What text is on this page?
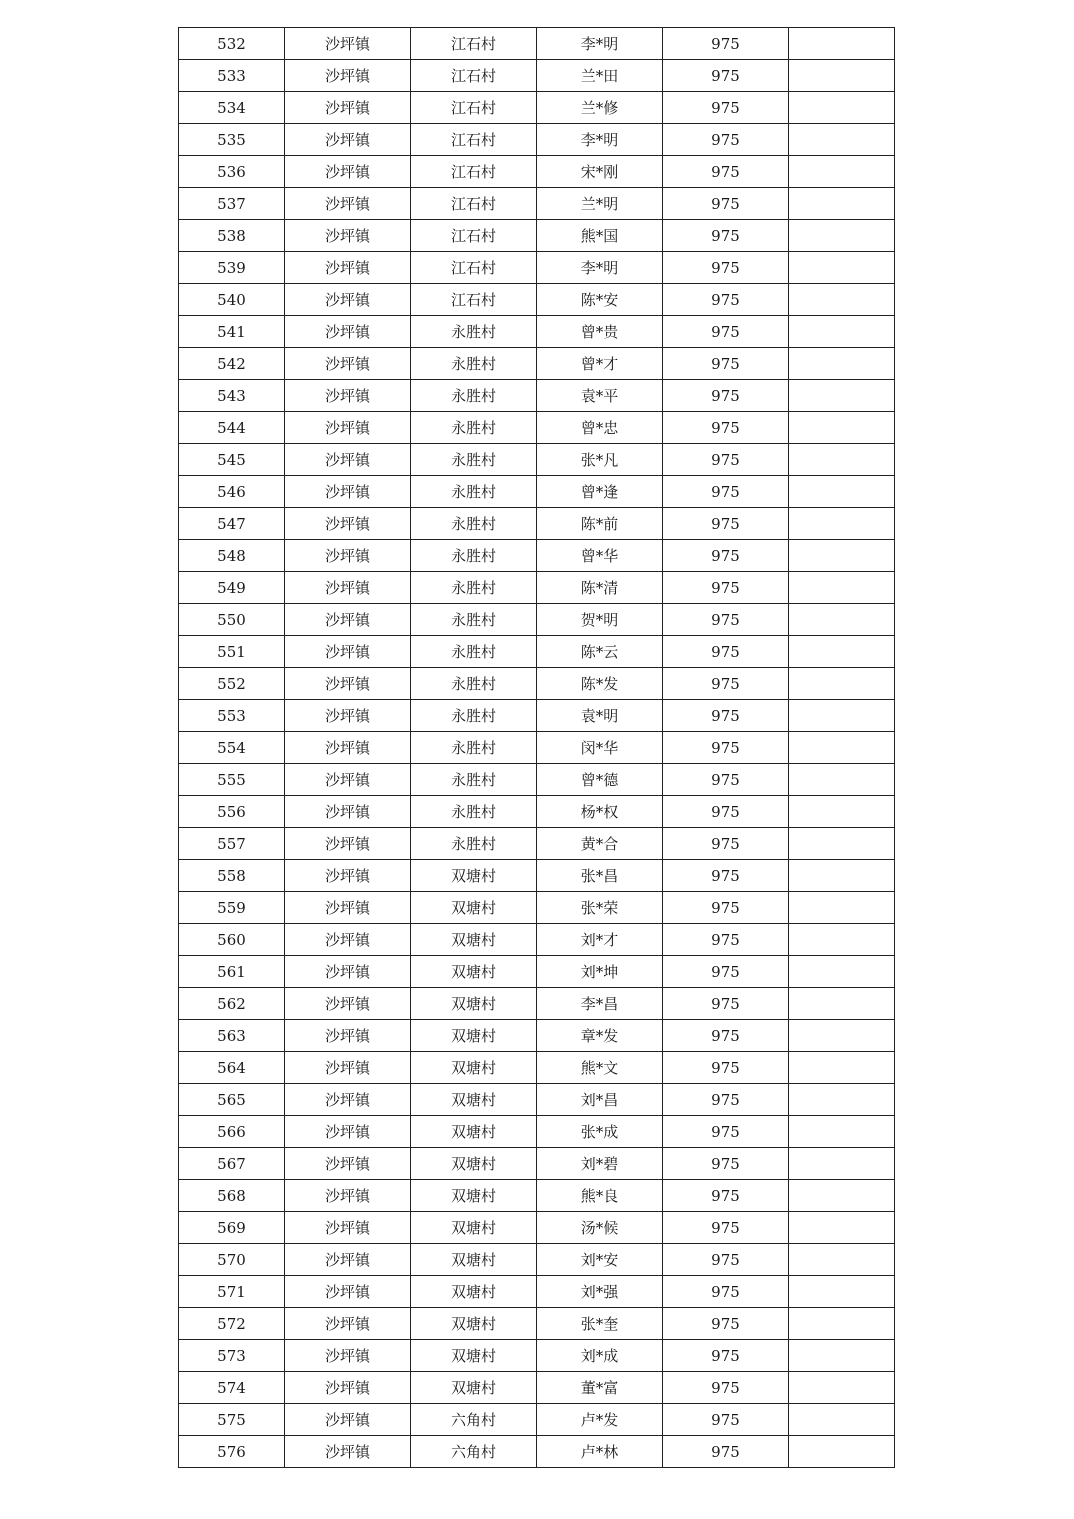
532	沙坪镇	江石村	李*明	975	
533	沙坪镇	江石村	兰*田	975	
534	沙坪镇	江石村	兰*修	975	
535	沙坪镇	江石村	李*明	975	
536	沙坪镇	江石村	宋*刚	975	
537	沙坪镇	江石村	兰*明	975	
538	沙坪镇	江石村	熊*国	975	
539	沙坪镇	江石村	李*明	975	
540	沙坪镇	江石村	陈*安	975	
541	沙坪镇	永胜村	曾*贵	975	
542	沙坪镇	永胜村	曾*才	975	
543	沙坪镇	永胜村	袁*平	975	
544	沙坪镇	永胜村	曾*忠	975	
545	沙坪镇	永胜村	张*凡	975	
546	沙坪镇	永胜村	曾*逢	975	
547	沙坪镇	永胜村	陈*前	975	
548	沙坪镇	永胜村	曾*华	975	
549	沙坪镇	永胜村	陈*清	975	
550	沙坪镇	永胜村	贺*明	975	
551	沙坪镇	永胜村	陈*云	975	
552	沙坪镇	永胜村	陈*发	975	
553	沙坪镇	永胜村	袁*明	975	
554	沙坪镇	永胜村	闵*华	975	
555	沙坪镇	永胜村	曾*德	975	
556	沙坪镇	永胜村	杨*权	975	
557	沙坪镇	永胜村	黄*合	975	
558	沙坪镇	双塘村	张*昌	975	
559	沙坪镇	双塘村	张*荣	975	
560	沙坪镇	双塘村	刘*才	975	
561	沙坪镇	双塘村	刘*坤	975	
562	沙坪镇	双塘村	李*昌	975	
563	沙坪镇	双塘村	章*发	975	
564	沙坪镇	双塘村	熊*文	975	
565	沙坪镇	双塘村	刘*昌	975	
566	沙坪镇	双塘村	张*成	975	
567	沙坪镇	双塘村	刘*碧	975	
568	沙坪镇	双塘村	熊*良	975	
569	沙坪镇	双塘村	汤*候	975	
570	沙坪镇	双塘村	刘*安	975	
571	沙坪镇	双塘村	刘*强	975	
572	沙坪镇	双塘村	张*奎	975	
573	沙坪镇	双塘村	刘*成	975	
574	沙坪镇	双塘村	董*富	975	
575	沙坪镇	六角村	卢*发	975	
576	沙坪镇	六角村	卢*林	975	
